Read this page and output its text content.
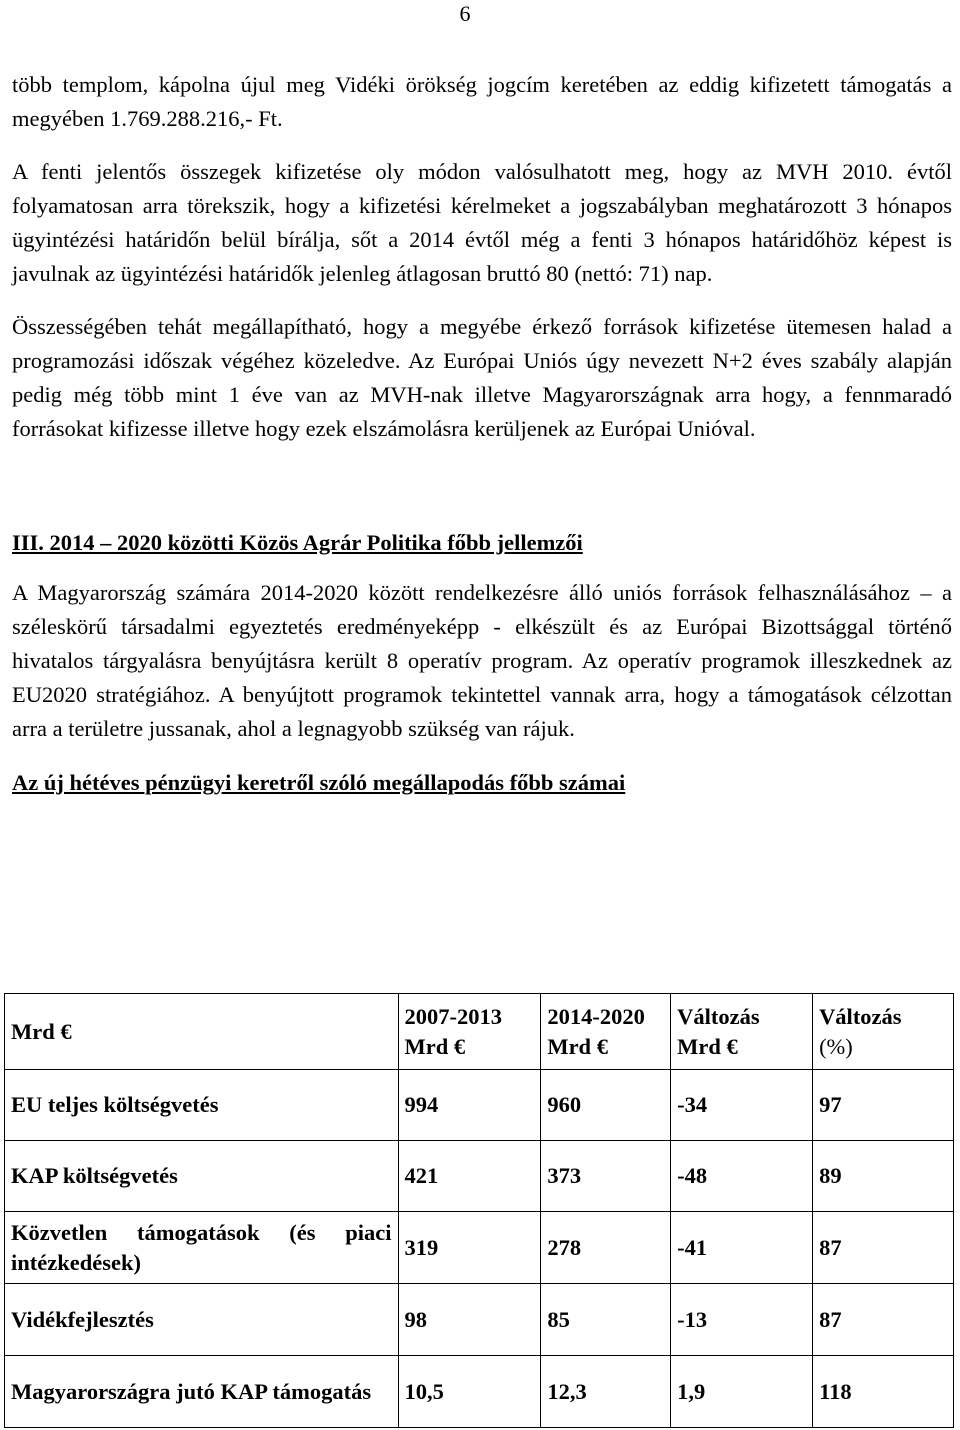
6

több templom, kápolna újul meg Vidéki örökség jogcím keretében az eddig kifizetett támogatás a megyében 1.769.288.216,- Ft.

A fenti jelentős összegek kifizetése oly módon valósulhatott meg, hogy az MVH 2010. évtől folyamatosan arra törekszik, hogy a kifizetési kérelmeket a jogszabályban meghatározott 3 hónapos ügyintézési határidőn belül bírálja, sőt a 2014 évtől még a fenti 3 hónapos határidőhöz képest is javulnak az ügyintézési határidők jelenleg átlagosan bruttó 80 (nettó: 71) nap.

Összességében tehát megállapítható, hogy a megyébe érkező források kifizetése ütemesen halad a programozási időszak végéhez közeledve. Az Európai Uniós úgy nevezett N+2 éves szabály alapján pedig még több mint 1 éve van az MVH-nak illetve Magyarországnak arra hogy, a fennmaradó forrásokat kifizesse illetve hogy ezek elszámolásra kerüljenek az Európai Unióval.

III. 2014 – 2020 közötti Közös Agrár Politika főbb jellemzői

A Magyarország számára 2014-2020 között rendelkezésre álló uniós források felhasználásához – a széleskörű társadalmi egyeztetés eredményeképp - elkészült és az Európai Bizottsággal történő hivatalos tárgyalásra benyújtásra került 8 operatív program. Az operatív programok illeszkednek az EU2020 stratégiához. A benyújtott programok tekintettel vannak arra, hogy a támogatások célzottan arra a területre jussanak, ahol a legnagyobb szükség van rájuk.

Az új hétéves pénzügyi keretről szóló megállapodás főbb számai
Mrd €	2007-2013 Mrd €	2014-2020 Mrd €	Változás Mrd €	Változás
(%)
EU teljes költségvetés	994	960	-34	97
KAP költségvetés	421	373	-48	89
Közvetlen támogatások (és piaci intézkedések)	319	278	-41	87
Vidékfejlesztés	98	85	-13	87
Magyarországra jutó KAP támogatás	10,5	12,3	1,9	118
